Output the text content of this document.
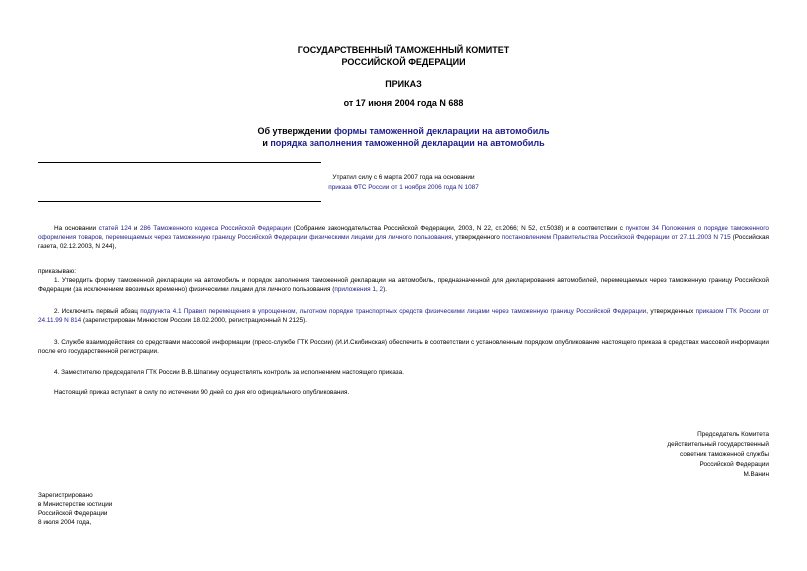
ГОСУДАРСТВЕННЫЙ ТАМОЖЕННЫЙ КОМИТЕТ
РОССИЙСКОЙ ФЕДЕРАЦИИ
ПРИКАЗ
от 17 июня 2004 года N 688
Об утверждении формы таможенной декларации на автомобиль
и порядка заполнения таможенной декларации на автомобиль
Утратил силу с 6 марта 2007 года на основании
приказа ФТС России от 1 ноября 2006 года N 1087

На основании статей 124 и 286 Таможенного кодекса Российской Федерации (Собрание законодательства Российской Федерации, 2003, N 22, ст.2066; N 52, ст.5038) и в соответствии с пунктом 34 Положения о порядке таможенного оформления товаров, перемещаемых через таможенную границу Российской Федерации физическими лицами для личного пользования, утвержденного постановлением Правительства Российской Федерации от 27.11.2003 N 715 (Российская газета, 02.12.2003, N 244),

приказываю:

1. Утвердить форму таможенной декларации на автомобиль и порядок заполнения таможенной декларации на автомобиль, предназначенной для декларирования автомобилей, перемещаемых через таможенную границу Российской Федерации (за исключением ввозимых временно) физическими лицами для личного пользования (приложения 1, 2).

2. Исключить первый абзац подпункта 4.1 Правил перемещения в упрощенном, льготном порядке транспортных средств физическими лицами через таможенную границу Российской Федерации, утвержденных приказом ГТК России от 24.11.99 N 814 (зарегистрирован Минюстом России 18.02.2000, регистрационный N 2125).

3. Службе взаимодействия со средствами массовой информации (пресс-службе ГТК России) (И.И.Скибинская) обеспечить в соответствии с установленным порядком опубликование настоящего приказа в средствах массовой информации после его государственной регистрации.

4. Заместителю председателя ГТК России В.В.Шпагину осуществлять контроль за исполнением настоящего приказа.

Настоящий приказ вступает в силу по истечении 90 дней со дня его официального опубликования.

Председатель Комитета
действительный государственный
советник таможенной службы
Российской Федерации
М.Ванин
Зарегистрировано
в Министерстве юстиции
Российской Федерации
8 июля 2004 года,
